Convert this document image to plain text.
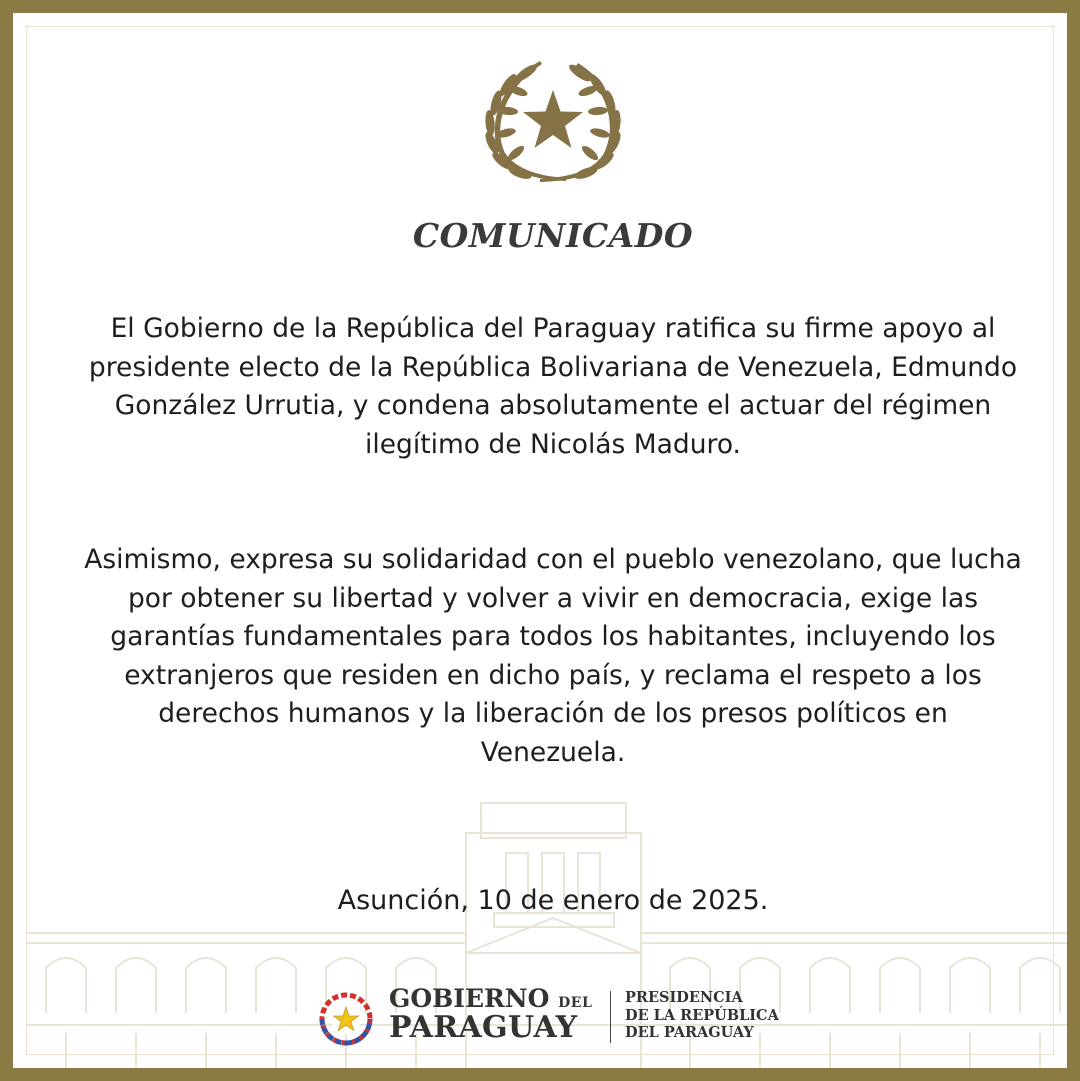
COMUNICADO

El Gobierno de la República del Paraguay ratifica su firme apoyo al presidente electo de la República Bolivariana de Venezuela, Edmundo González Urrutia, y condena absolutamente el actuar del régimen ilegítimo de Nicolás Maduro.

Asimismo, expresa su solidaridad con el pueblo venezolano, que lucha por obtener su libertad y volver a vivir en democracia, exige las garantías fundamentales para todos los habitantes, incluyendo los extranjeros que residen en dicho país, y reclama el respeto a los derechos humanos y la liberación de los presos políticos en Venezuela.

Asunción, 10 de enero de 2025.
GOBIERNO DEL
PARAGUAY
PRESIDENCIA
DE LA REPÚBLICA
DEL PARAGUAY
